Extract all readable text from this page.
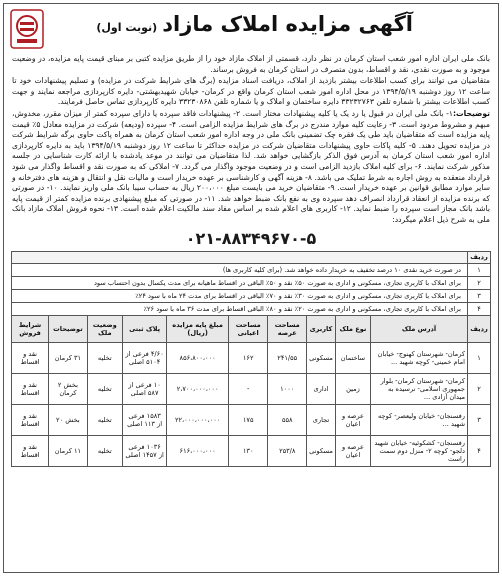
آگهی مزایده املاک مازاد (نوبت اول)

بانک ملی ایران اداره امور شعب استان کرمان در نظر دارد، قسمتی از املاک مازاد خود را از طریق مزایده کتبی بر مبنای قیمت پایه مزایده، در وضعیت موجود و به صورت نقدی، نقد و اقساط، بدون متصرف در استان کرمان به فروش برساند.

متقاضیان می توانند برای کسب اطلاعات بیشتر بازدید از املاک، دریافت اسناد مزایده (برگ های شرایط شرکت در مزایده) و تسلیم پیشنهادات خود تا ساعت ۱۲ روز دوشنبه ۱۳۹۴/۵/۱۹ در محل اداره امور شعب استان کرمان واقع در کرمان- خیابان شهیدبهشتی- دایره کارپردازی مراجعه نمایند و جهت کسب اطلاعات بیشتر با شماره تلفن ۳۳۲۳۲۷۶۳ دایره ساختمان و املاک و یا شماره تلفن ۳۳۲۳۰۸۶۸ دایره کارپردازی تماس حاصل فرمایند.

توضیحات:۱- بانک ملی ایران در قبول یا رد یک یا کلیه پیشنهادات مختار است. ۲- پیشنهادات فاقد سپرده یا دارای سپرده کمتر از میزان مقرر، مخدوش، مبهم و مشروط مردود است. ۳- رعایت کلیه موارد مندرج در برگ های شرایط مزایده الزامی است. ۴- سپرده (ودیعه) شرکت در مزایده معادل ۵٪ قیمت پایه مزایده است که متقاضیان باید طی یک فقره چک تضمینی بانک ملی در وجه اداره امور شعب استان کرمان به همراه پاکت حاوی برگه شرایط شرکت در مزایده تحویل دهند. ۵- کلیه پاکات حاوی پیشنهادات متقاضیان شرکت در مزایده حداکثر تا ساعت ۱۲ روز دوشنبه ۱۳۹۴/۵/۱۹ باید به دایره کارپردازی اداره امور شعب استان کرمان به آدرس فوق الذکر بازگشایی خواهد شد. لذا متقاضیان می توانند در موعد یادشده با ارائه کارت شناسایی در جلسه مذکور شرکت نمایند. ۶- برای کلیه املاک بازدید الزامی است و در وضعیت موجود واگذار می گردد. ۷- املاکی که به صورت نقد و اقساط واگذار می شود قرارداد منعقده به روش اجاره به شرط تملیک می باشد. ۸- هزینه آگهی و کارشناسی بر عهده خریدار است و مالیات نقل و انتقال و هزینه های دفترخانه و سایر موارد مطابق قوانین بر عهده خریدار است. ۹- متقاضیان خرید می بایست مبلغ ۲۰۰،۰۰۰ ریال به حساب سیبا بانک ملی واریز نمایند. ۱۰- در صورتی که برنده مزایده از انعقاد قرارداد انصراف دهد سپرده وی به نفع بانک ضبط خواهد شد. ۱۱- در صورتی که مبلغ پیشنهادی برنده مزایده کمتر از قیمت پایه باشد بانک مجاز است سپرده را ضبط نماید. ۱۲- کاربری های اعلام شده بر اساس مفاد سند مالکیت اعلام شده است. ۱۳- نحوه فروش املاک مازاد بانک ملی به شرح ذیل اعلام میگردد:

۰۲۱-۸۸۳۴۹۶۷۰-۵
ردیف										
۱	در صورت خرید نقدی ۱۰ درصد تخفیف به خریدار داده خواهد شد. (برای کلیه کاربری ها)									
۲	برای املاک با کاربری تجاری، مسکونی و اداری به صورت ۵۰٪ نقد و ۵۰٪ الباقی در اقساط ماهیانه برای مدت یکسال بدون احتساب سود									
۳	برای املاک با کاربری تجاری، مسکونی و اداری به صورت ۳۰٪ نقد و ۷۰٪ الباقی در اقساط برای مدت ۲۴ ماه با سود ۲۴٪									
۴	برای املاک با کاربری تجاری، مسکونی و اداری به صورت ۲۰٪ نقد و ۸۰٪ الباقی اقساط برای مدت ۳۶ ماه با سود ۲۶٪									
ردیف	آدرس ملک	نوع ملک	کاربری	مساحت عرصه	مساحت اعیانی	مبلغ پایه مزایده (ریال)	پلاک ثبتی	وضعیت ملک	توضیحات	شرایط فروش
۱	کرمان- شهرستان کهنوج- خیابان امام خمینی- کوچه شهید ...	ساختمان	مسکونی	۲۴۱/۵۵	۱۶۲	۸۵۶،۸۰۰،۰۰۰	۴/۶۰ فرعی از ۵۱۰۴ اصلی	تخلیه	۳۱ کرمان	نقد و اقساط
۲	کرمان- شهرستان کرمان- بلوار جمهوری اسلامی- نرسیده به میدان آزادی ...	زمین	اداری	۱۰۰۰	-	۲،۷۰۰،۰۰۰،۰۰۰	۱۰ فرعی از ۵۸۷ اصلی	تخلیه	بخش ۲ کرمان	نقد و اقساط
۳	رفسنجان- خیابان ولیعصر- کوچه شهید ...	عرصه و اعیان	تجاری	۵۵۸	۱۷۵	۲۲،۰۰۰،۰۰۰،۰۰۰	۱۵۸۳ فرعی از ۱۱۳ اصلی	تخلیه	بخش ۲۰	نقد و اقساط
۴	رفسنجان- کشکوئیه- خیابان شهید دلجو- کوچه ۲- منزل دوم سمت راست	عرصه و اعیان	مسکونی	۲۵۳/۸	۱۳۰	۶۱۶،۰۰۰،۰۰۰	۱۰۳۶ فرعی از ۱۴۵۷ اصلی	تخلیه	۱۱ کرمان	نقد و اقساط
